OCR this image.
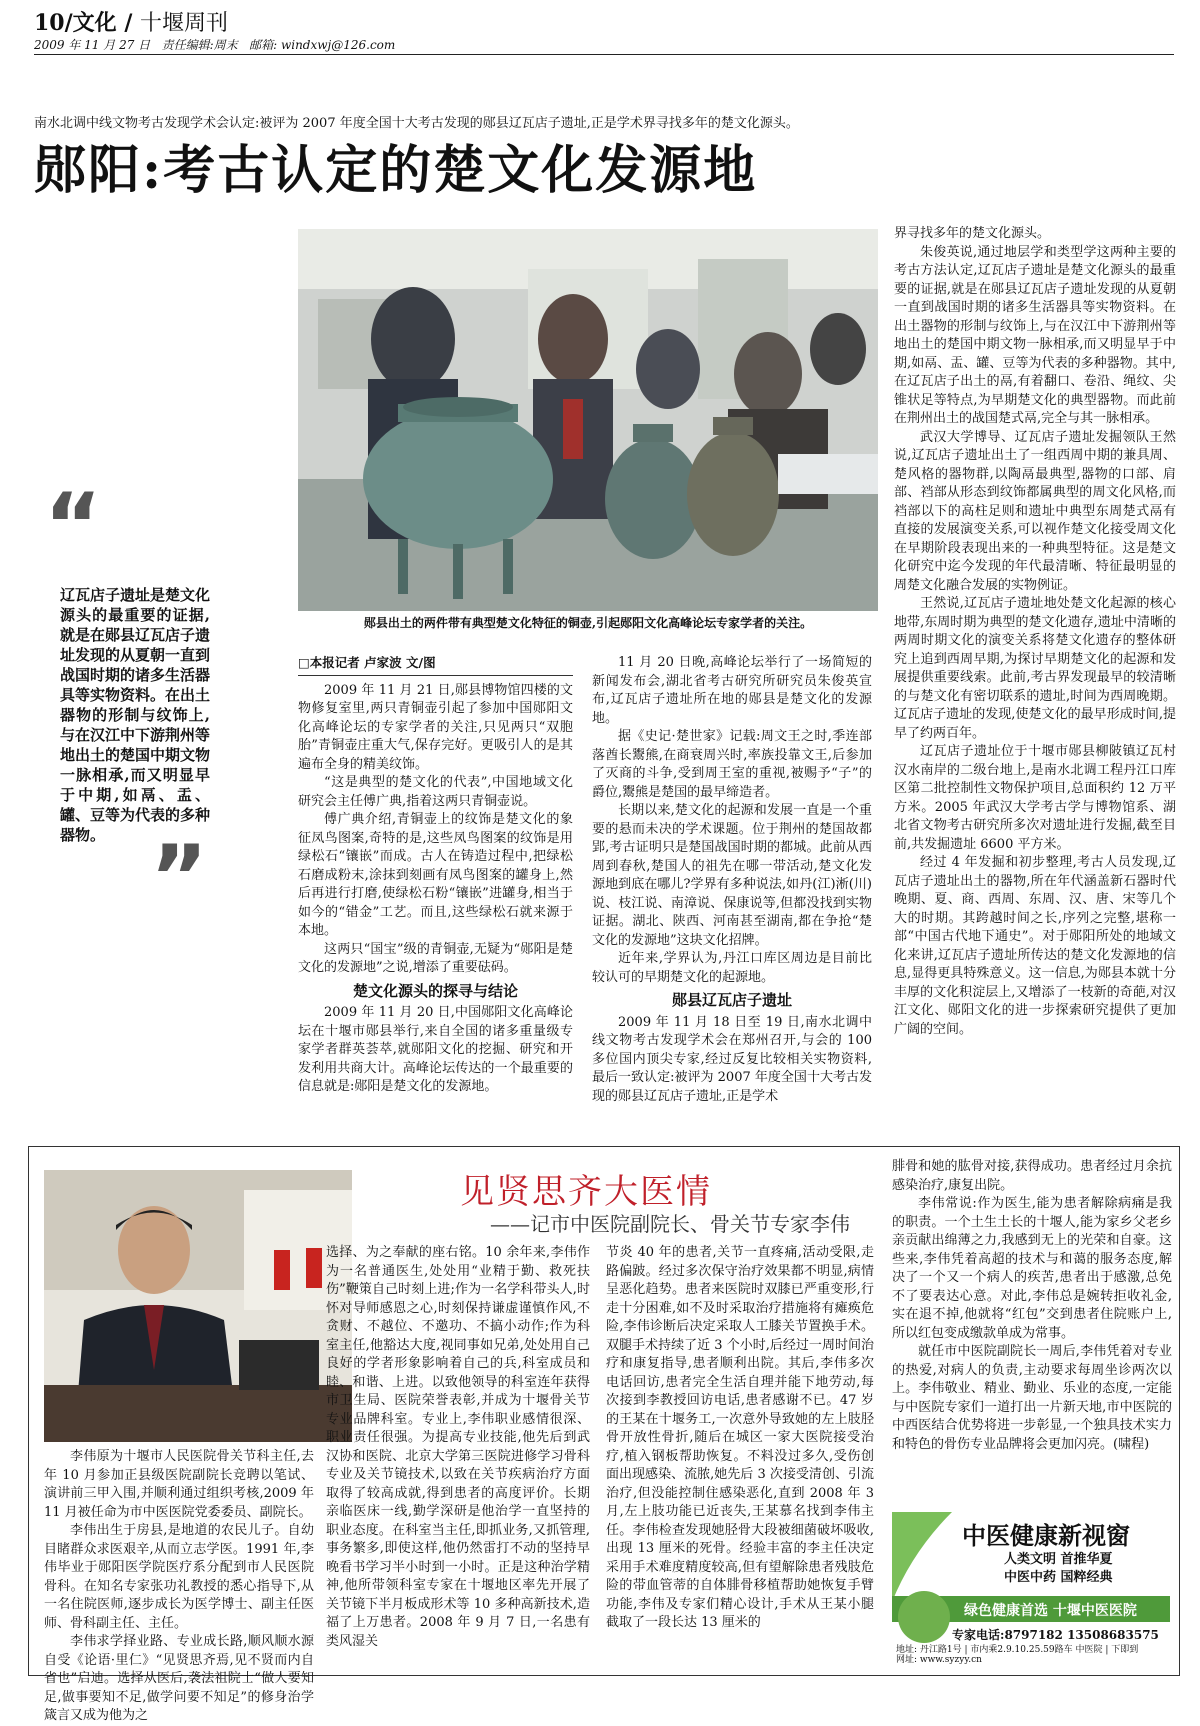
10/文化 / 十堰周刊
2009 年 11 月 27 日 责任编辑:周末 邮箱: windxwj@126.com
南水北调中线文物考古发现学术会认定:被评为 2007 年度全国十大考古发现的郧县辽瓦店子遗址,正是学术界寻找多年的楚文化源头。
郧阳:考古认定的楚文化发源地
郧县出土的两件带有典型楚文化特征的铜壶,引起郧阳文化高峰论坛专家学者的关注。
“
辽瓦店子遗址是楚文化源头的最重要的证据,就是在郧县辽瓦店子遗址发现的从夏朝一直到战国时期的诸多生活器具等实物资料。在出土器物的形制与纹饰上,与在汉江中下游荆州等地出土的楚国中期文物一脉相承,而又明显早于中期,如鬲、盂、罐、豆等为代表的多种器物。 ”
□本报记者 卢家波 文/图

2009 年 11 月 21 日,郧县博物馆四楼的文物修复室里,两只青铜壶引起了参加中国郧阳文化高峰论坛的专家学者的关注,只见两只“双胞胎”青铜壶庄重大气,保存完好。更吸引人的是其遍布全身的精美纹饰。

“这是典型的楚文化的代表”,中国地域文化研究会主任傅广典,指着这两只青铜壶说。

傅广典介绍,青铜壶上的纹饰是楚文化的象征凤鸟图案,奇特的是,这些凤鸟图案的纹饰是用绿松石“镶嵌”而成。古人在铸造过程中,把绿松石磨成粉末,涂抹到刻画有凤鸟图案的罐身上,然后再进行打磨,使绿松石粉“镶嵌”进罐身,相当于如今的“错金”工艺。而且,这些绿松石就来源于本地。

这两只“国宝”级的青铜壶,无疑为“郧阳是楚文化的发源地”之说,增添了重要砝码。

楚文化源头的探寻与结论

2009 年 11 月 20 日,中国郧阳文化高峰论坛在十堰市郧县举行,来自全国的诸多重量级专家学者群英荟萃,就郧阳文化的挖掘、研究和开发利用共商大计。高峰论坛传达的一个最重要的信息就是:郧阳是楚文化的发源地。

11 月 20 日晚,高峰论坛举行了一场简短的新闻发布会,湖北省考古研究所研究员朱俊英宣布,辽瓦店子遗址所在地的郧县是楚文化的发源地。

据《史记·楚世家》记载:周文王之时,季连部落酋长鬻熊,在商衰周兴时,率族投靠文王,后参加了灭商的斗争,受到周王室的重视,被赐予“子”的爵位,鬻熊是楚国的最早缔造者。

长期以来,楚文化的起源和发展一直是一个重要的悬而未决的学术课题。位于荆州的楚国故都郢,考古证明只是楚国战国时期的都城。此前从西周到春秋,楚国人的祖先在哪一带活动,楚文化发源地到底在哪儿?学界有多种说法,如丹(江)淅(川)说、枝江说、南漳说、保康说等,但都没找到实物证据。湖北、陕西、河南甚至湖南,都在争抢“楚文化的发源地”这块文化招牌。

近年来,学界认为,丹江口库区周边是目前比较认可的早期楚文化的起源地。

郧县辽瓦店子遗址

2009 年 11 月 18 日至 19 日,南水北调中线文物考古发现学术会在郑州召开,与会的 100 多位国内顶尖专家,经过反复比较相关实物资料,最后一致认定:被评为 2007 年度全国十大考古发现的郧县辽瓦店子遗址,正是学术

界寻找多年的楚文化源头。

朱俊英说,通过地层学和类型学这两种主要的考古方法认定,辽瓦店子遗址是楚文化源头的最重要的证据,就是在郧县辽瓦店子遗址发现的从夏朝一直到战国时期的诸多生活器具等实物资料。在出土器物的形制与纹饰上,与在汉江中下游荆州等地出土的楚国中期文物一脉相承,而又明显早于中期,如鬲、盂、罐、豆等为代表的多种器物。其中,在辽瓦店子出土的鬲,有着翻口、卷沿、绳纹、尖锥状足等特点,为早期楚文化的典型器物。而此前在荆州出土的战国楚式鬲,完全与其一脉相承。

武汉大学博导、辽瓦店子遗址发掘领队王然说,辽瓦店子遗址出土了一组西周中期的兼具周、楚风格的器物群,以陶鬲最典型,器物的口部、肩部、裆部从形态到纹饰都属典型的周文化风格,而裆部以下的高柱足则和遗址中典型东周楚式鬲有直接的发展演变关系,可以视作楚文化接受周文化在早期阶段表现出来的一种典型特征。这是楚文化研究中迄今发现的年代最清晰、特征最明显的周楚文化融合发展的实物例证。

王然说,辽瓦店子遗址地处楚文化起源的核心地带,东周时期为典型的楚文化遗存,遗址中清晰的两周时期文化的演变关系将楚文化遗存的整体研究上追到西周早期,为探讨早期楚文化的起源和发展提供重要线索。此前,考古界发现最早的较清晰的与楚文化有密切联系的遗址,时间为西周晚期。辽瓦店子遗址的发现,使楚文化的最早形成时间,提早了约两百年。

辽瓦店子遗址位于十堰市郧县柳陂镇辽瓦村汉水南岸的二级台地上,是南水北调工程丹江口库区第二批控制性文物保护项目,总面积约 12 万平方米。2005 年武汉大学考古学与博物馆系、湖北省文物考古研究所多次对遗址进行发掘,截至目前,共发掘遗址 6600 平方米。

经过 4 年发掘和初步整理,考古人员发现,辽瓦店子遗址出土的器物,所在年代涵盖新石器时代晚期、夏、商、西周、东周、汉、唐、宋等几个大的时期。其跨越时间之长,序列之完整,堪称一部“中国古代地下通史”。对于郧阳所处的地域文化来讲,辽瓦店子遗址所传达的楚文化发源地的信息,显得更具特殊意义。这一信息,为郧县本就十分丰厚的文化积淀层上,又增添了一枝新的奇葩,对汉江文化、郧阳文化的进一步探索研究提供了更加广阔的空间。

见贤思齐大医情
——记市中医院副院长、骨关节专家李伟

李伟原为十堰市人民医院骨关节科主任,去年 10 月参加正县级医院副院长竞聘以笔试、演讲前三甲入围,并顺利通过组织考核,2009 年 11 月被任命为市中医医院党委委员、副院长。

李伟出生于房县,是地道的农民儿子。自幼目睹群众求医艰辛,从而立志学医。1991 年,李伟毕业于郧阳医学院医疗系分配到市人民医院骨科。在知名专家张功礼教授的悉心指导下,从一名住院医师,逐步成长为医学博士、副主任医师、骨科副主任、主任。

李伟求学择业路、专业成长路,顺风顺水源自受《论语·里仁》“见贤思齐焉,见不贤而内自省也”启迪。选择从医后,袭法祖院士“做人要知足,做事要知不足,做学问要不知足”的修身治学箴言又成为他为之

选择、为之奉献的座右铭。10 余年来,李伟作为一名普通医生,处处用“业精于勤、救死扶伤”鞭策自己时刻上进;作为一名学科带头人,时怀对导师感恩之心,时刻保持谦虚谨慎作风,不贪财、不越位、不邀功、不搞小动作;作为科室主任,他豁达大度,视同事如兄弟,处处用自己良好的学者形象影响着自己的兵,科室成员和睦、和谐、上进。以致他领导的科室连年获得市卫生局、医院荣誉表彰,并成为十堰骨关节专业品牌科室。专业上,李伟职业感情很深、职业责任很强。为提高专业技能,他先后到武汉协和医院、北京大学第三医院进修学习骨科专业及关节镜技术,以致在关节疾病治疗方面取得了较高成就,得到患者的高度评价。长期亲临医床一线,勤学深研是他治学一直坚持的职业态度。在科室当主任,即抓业务,又抓管理,事务繁多,即使这样,他仍然雷打不动的坚持早晚看书学习半小时到一小时。正是这种治学精神,他所带领科室专家在十堰地区率先开展了关节镜下半月板成形术等 10 多种高新技术,造福了上万患者。2008 年 9 月 7 日,一名患有类风湿关

节炎 40 年的患者,关节一直疼痛,活动受限,走路偏跛。经过多次保守治疗效果都不明显,病情呈恶化趋势。患者来医院时双膝已严重变形,行走十分困难,如不及时采取治疗措施将有瘫痪危险,李伟诊断后决定采取人工膝关节置换手术。双腿手术持续了近 3 个小时,后经过一周时间治疗和康复指导,患者顺利出院。其后,李伟多次电话回访,患者完全生活自理并能下地劳动,每次接到李教授回访电话,患者感谢不已。47 岁的王某在十堰务工,一次意外导致她的左上肢胫骨开放性骨折,随后在城区一家大医院接受治疗,植入钢板帮助恢复。不料没过多久,受伤创面出现感染、流脓,她先后 3 次接受清创、引流治疗,但没能控制住感染恶化,直到 2008 年 3 月,左上肢功能已近丧失,王某慕名找到李伟主任。李伟检查发现她胫骨大段被细菌破坏吸收,出现 13 厘米的死骨。经验丰富的李主任决定采用手术难度精度较高,但有望解除患者残肢危险的带血管蒂的自体腓骨移植帮助她恢复手臂功能,李伟及专家们精心设计,手术从王某小腿截取了一段长达 13 厘米的

腓骨和她的肱骨对接,获得成功。患者经过月余抗感染治疗,康复出院。

李伟常说:作为医生,能为患者解除病痛是我的职责。一个土生土长的十堰人,能为家乡父老乡亲贡献出绵薄之力,我感到无上的光荣和自豪。这些来,李伟凭着高超的技术与和蔼的服务态度,解决了一个又一个病人的疾苦,患者出于感激,总免不了要表达心意。对此,李伟总是婉转拒收礼金,实在退不掉,他就将“红包”交到患者住院账户上,所以红包变成缴款单成为常事。

就任市中医院副院长一周后,李伟凭着对专业的热爱,对病人的负责,主动要求每周坐诊两次以上。李伟敬业、精业、勤业、乐业的态度,一定能与中医院专家们一道打出一片新天地,市中医院的中西医结合优势将进一步彰显,一个独具技术实力和特色的骨伤专业品牌将会更加闪亮。(啸程)

中医健康新视窗
人类文明 首推华夏
中医中药 国粹经典
绿色健康首选 十堰中医医院
专家电话:8797182 13508683575
地址: 丹江路1号 | 市内乘2.9.10.25.59路车 中医院 | 下即到
网址: www.syzyy.cn
